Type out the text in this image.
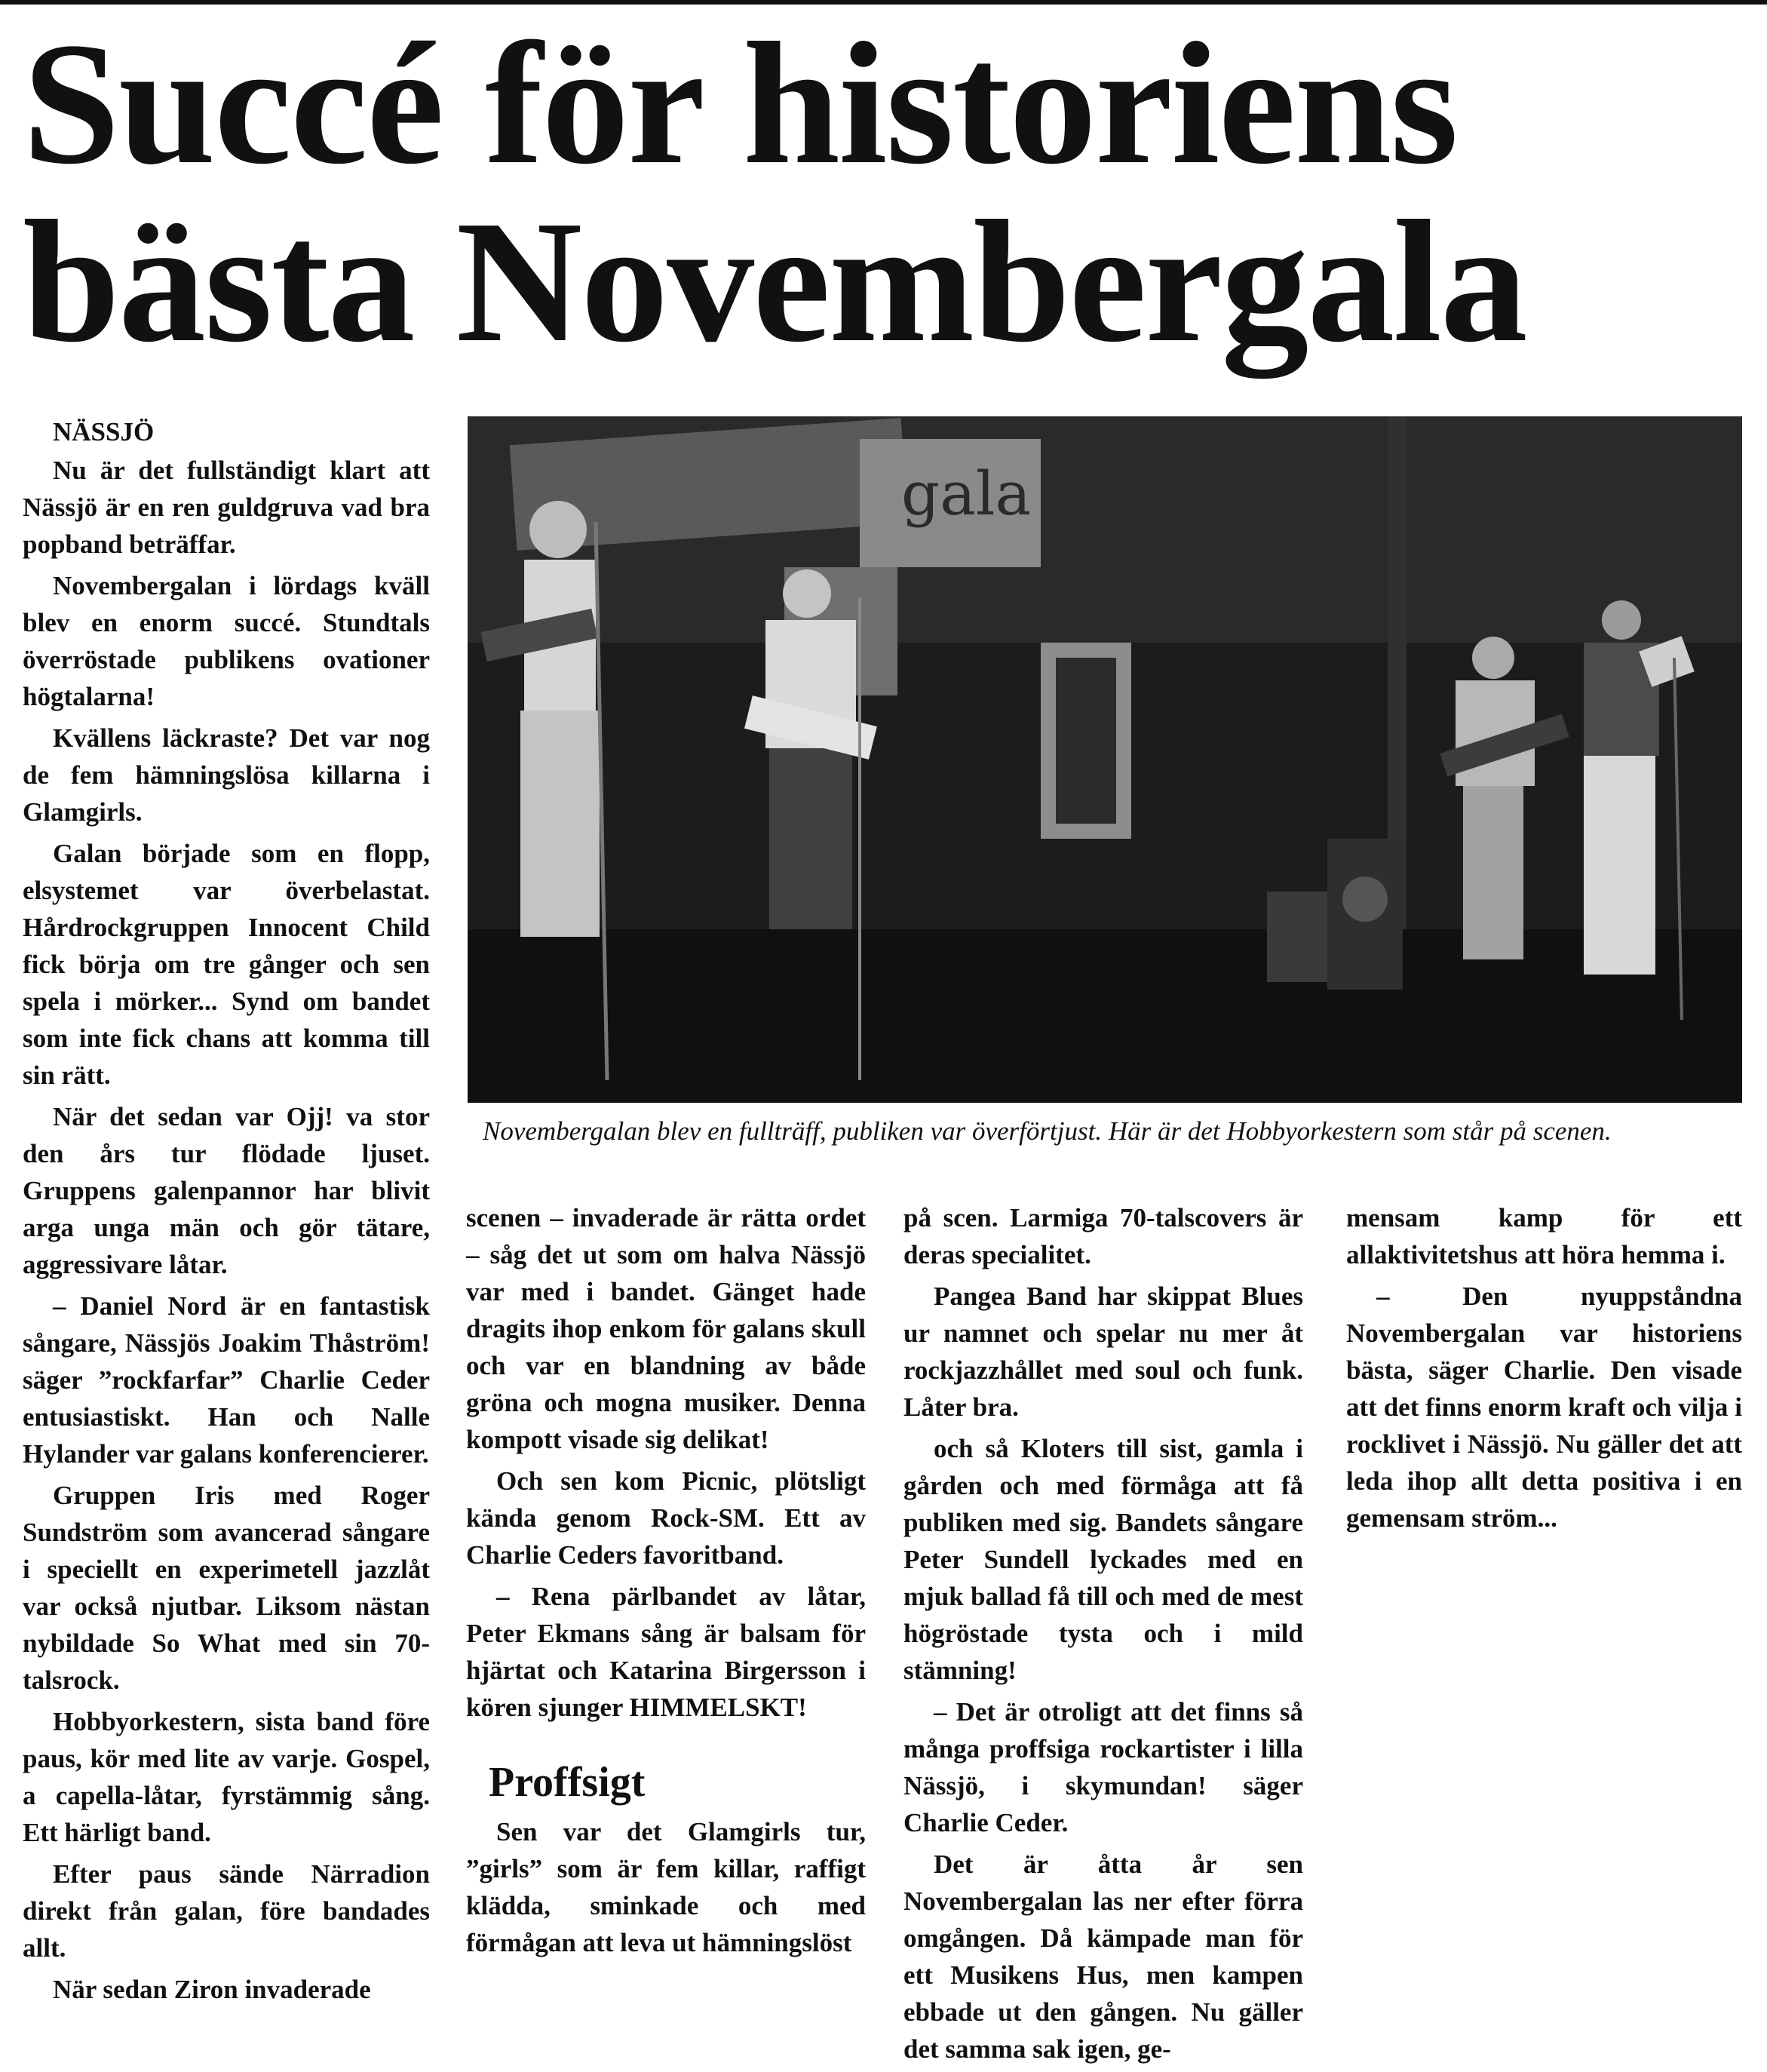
Succé för historiens bästa Novembergala
NÄSSJÖ

Nu är det fullständigt klart att Nässjö är en ren guldgruva vad bra popband beträffar.

Novembergalan i lördags kväll blev en enorm succé. Stundtals överröstade publikens ovationer högtalarna!

Kvällens läckraste? Det var nog de fem hämningslösa killarna i Glamgirls.

Galan började som en flopp, elsystemet var överbelastat. Hårdrockgruppen Innocent Child fick börja om tre gånger och sen spela i mörker... Synd om bandet som inte fick chans att komma till sin rätt.

När det sedan var Ojj! va stor den års tur flödade ljuset. Gruppens galenpannor har blivit arga unga män och gör tätare, aggressivare låtar.

– Daniel Nord är en fantastisk sångare, Nässjös Joakim Thåström! säger ”rockfarfar” Charlie Ceder entusiastiskt. Han och Nalle Hylander var galans konferencierer.

Gruppen Iris med Roger Sundström som avancerad sångare i speciellt en experimetell jazzlåt var också njutbar. Liksom nästan nybildade So What med sin 70-talsrock.

Hobbyorkestern, sista band före paus, kör med lite av varje. Gospel, a capella-låtar, fyrstämmig sång. Ett härligt band.

Efter paus sände Närradion direkt från galan, före bandades allt.

När sedan Ziron invaderade

gala

Novembergalan blev en fullträff, publiken var överförtjust. Här är det Hobbyorkestern som står på scenen.

scenen – invaderade är rätta ordet – såg det ut som om halva Nässjö var med i bandet. Gänget hade dragits ihop enkom för galans skull och var en blandning av både gröna och mogna musiker. Denna kompott visade sig delikat!

Och sen kom Picnic, plötsligt kända genom Rock-SM. Ett av Charlie Ceders favoritband.

– Rena pärlbandet av låtar, Peter Ekmans sång är balsam för hjärtat och Katarina Birgersson i kören sjunger HIMMELSKT!

Proffsigt

Sen var det Glamgirls tur, ”girls” som är fem killar, raffigt klädda, sminkade och med förmågan att leva ut hämningslöst

på scen. Larmiga 70-talscovers är deras specialitet.

Pangea Band har skippat Blues ur namnet och spelar nu mer åt rockjazzhållet med soul och funk. Låter bra.

och så Kloters till sist, gamla i gården och med förmåga att få publiken med sig. Bandets sångare Peter Sundell lyckades med en mjuk ballad få till och med de mest högröstade tysta och i mild stämning!

– Det är otroligt att det finns så många proffsiga rockartister i lilla Nässjö, i skymundan! säger Charlie Ceder.

Det är åtta år sen Novembergalan las ner efter förra omgången. Då kämpade man för ett Musikens Hus, men kampen ebbade ut den gången. Nu gäller det samma sak igen, ge-

mensam kamp för ett allaktivitetshus att höra hemma i.

– Den nyuppståndna Novembergalan var historiens bästa, säger Charlie. Den visade att det finns enorm kraft och vilja i rocklivet i Nässjö. Nu gäller det att leda ihop allt detta positiva i en gemensam ström...
